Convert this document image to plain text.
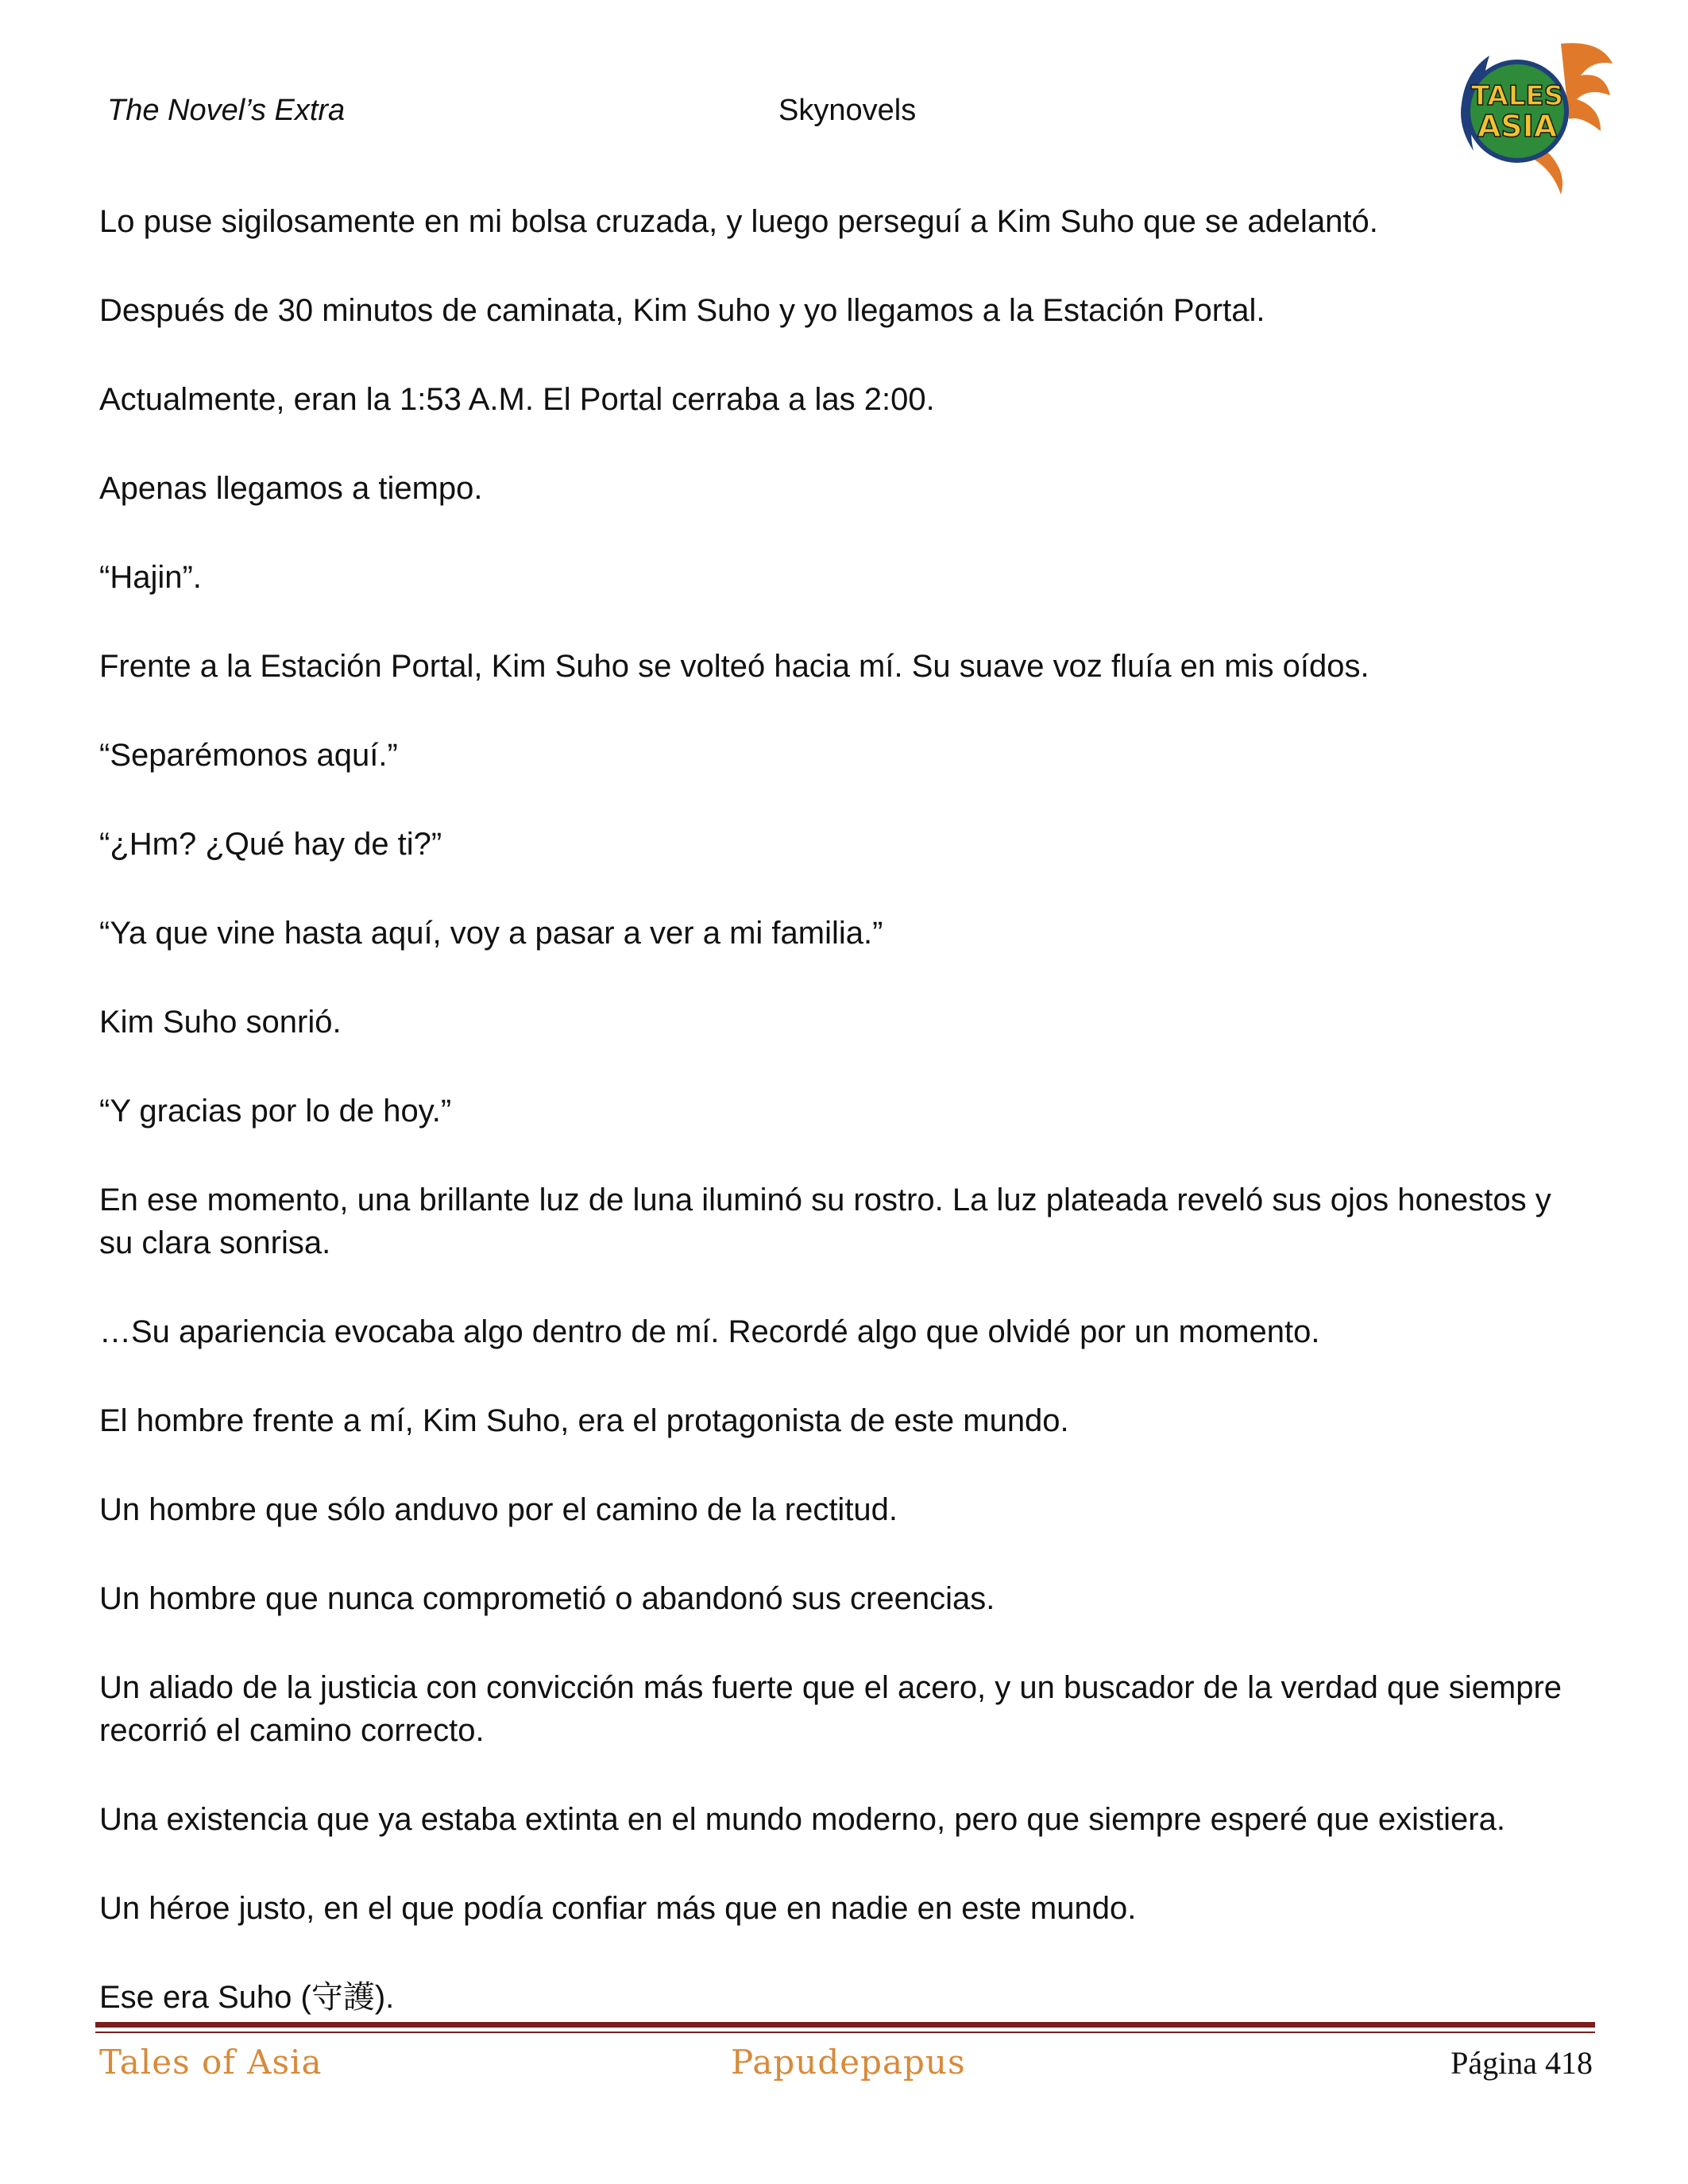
The Novel’s Extra	Skynovels	TALES
ASIA

Lo puse sigilosamente en mi bolsa cruzada, y luego perseguí a Kim Suho que se adelantó.

Después de 30 minutos de caminata, Kim Suho y yo llegamos a la Estación Portal.

Actualmente, eran la 1:53 A.M. El Portal cerraba a las 2:00.

Apenas llegamos a tiempo.

“Hajin”.

Frente a la Estación Portal, Kim Suho se volteó hacia mí. Su suave voz fluía en mis oídos.

“Separémonos aquí.”

“¿Hm? ¿Qué hay de ti?”

“Ya que vine hasta aquí, voy a pasar a ver a mi familia.”

Kim Suho sonrió.

“Y gracias por lo de hoy.”

En ese momento, una brillante luz de luna iluminó su rostro. La luz plateada reveló sus ojos honestos y su clara sonrisa.

…Su apariencia evocaba algo dentro de mí. Recordé algo que olvidé por un momento.

El hombre frente a mí, Kim Suho, era el protagonista de este mundo.

Un hombre que sólo anduvo por el camino de la rectitud.

Un hombre que nunca comprometió o abandonó sus creencias.

Un aliado de la justicia con convicción más fuerte que el acero, y un buscador de la verdad que siempre recorrió el camino correcto.

Una existencia que ya estaba extinta en el mundo moderno, pero que siempre esperé que existiera.

Un héroe justo, en el que podía confiar más que en nadie en este mundo.

Ese era Suho (守護).

Tales of Asia	Papudepapus	Página 418
